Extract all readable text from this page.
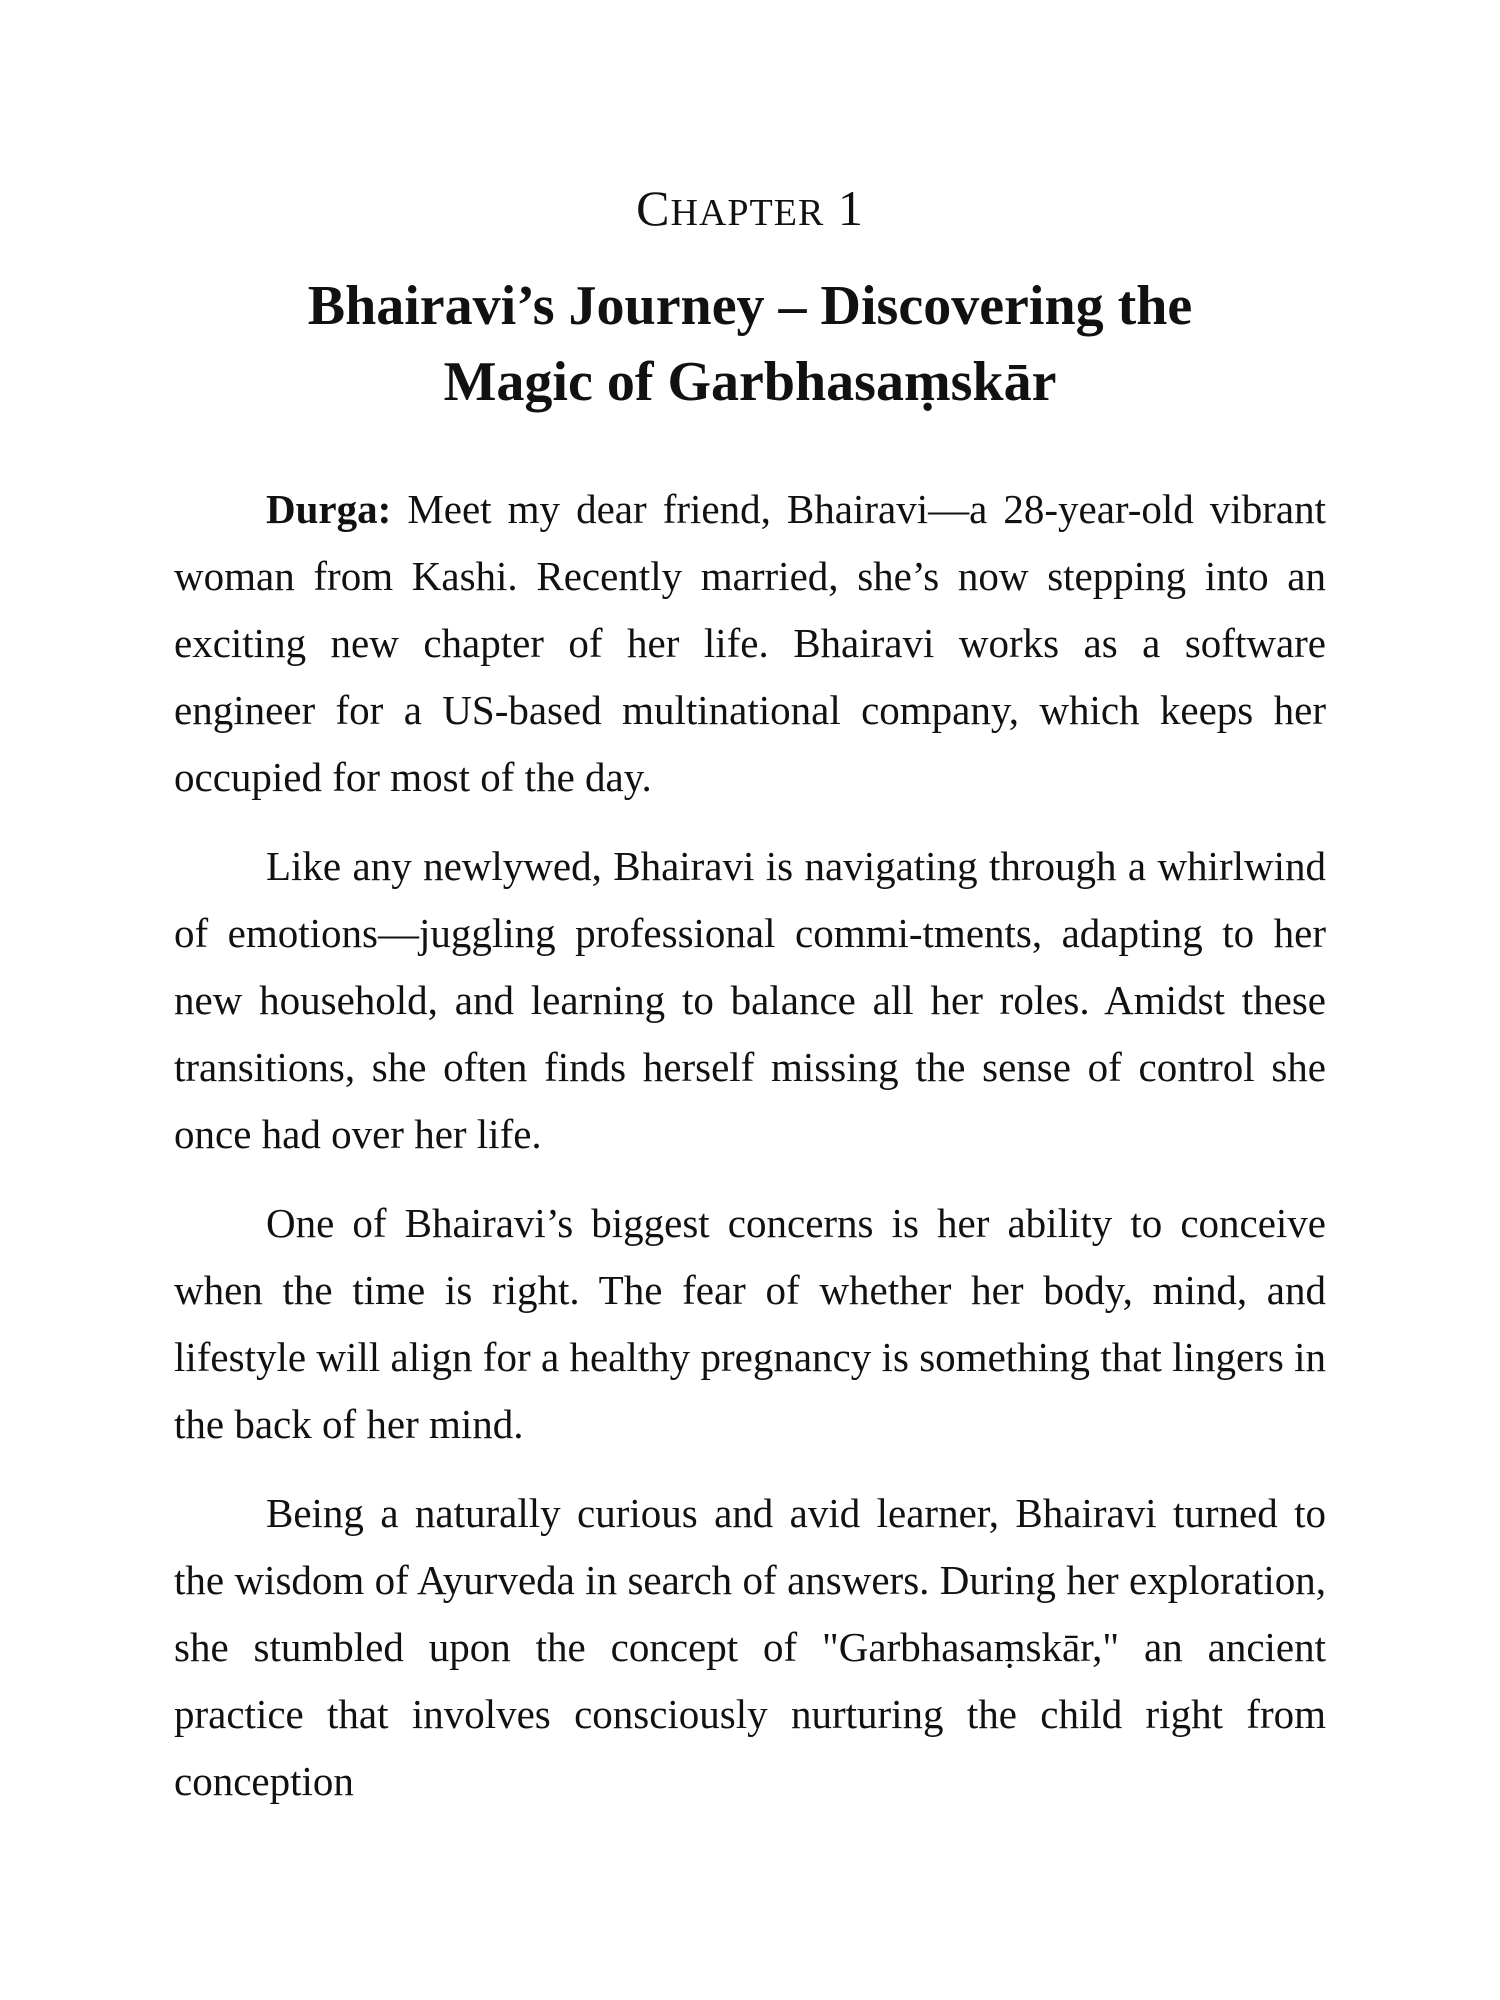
CHAPTER 1
Bhairavi’s Journey – Discovering the
Magic of Garbhasaṃskār

Durga: Meet my dear friend, Bhairavi—a 28-year-old vibrant woman from Kashi. Recently married, she’s now stepping into an exciting new chapter of her life. Bhairavi works as a software engineer for a US-based multinational company, which keeps her occupied for most of the day.

Like any newlywed, Bhairavi is navigating through a whirlwind of emotions—juggling professional commi-tments, adapting to her new household, and learning to balance all her roles. Amidst these transitions, she often finds herself missing the sense of control she once had over her life.

One of Bhairavi’s biggest concerns is her ability to conceive when the time is right. The fear of whether her body, mind, and lifestyle will align for a healthy pregnancy is something that lingers in the back of her mind.

Being a naturally curious and avid learner, Bhairavi turned to the wisdom of Ayurveda in search of answers. During her exploration, she stumbled upon the concept of "Garbhasaṃskār," an ancient practice that involves consciously nurturing the child right from conception
